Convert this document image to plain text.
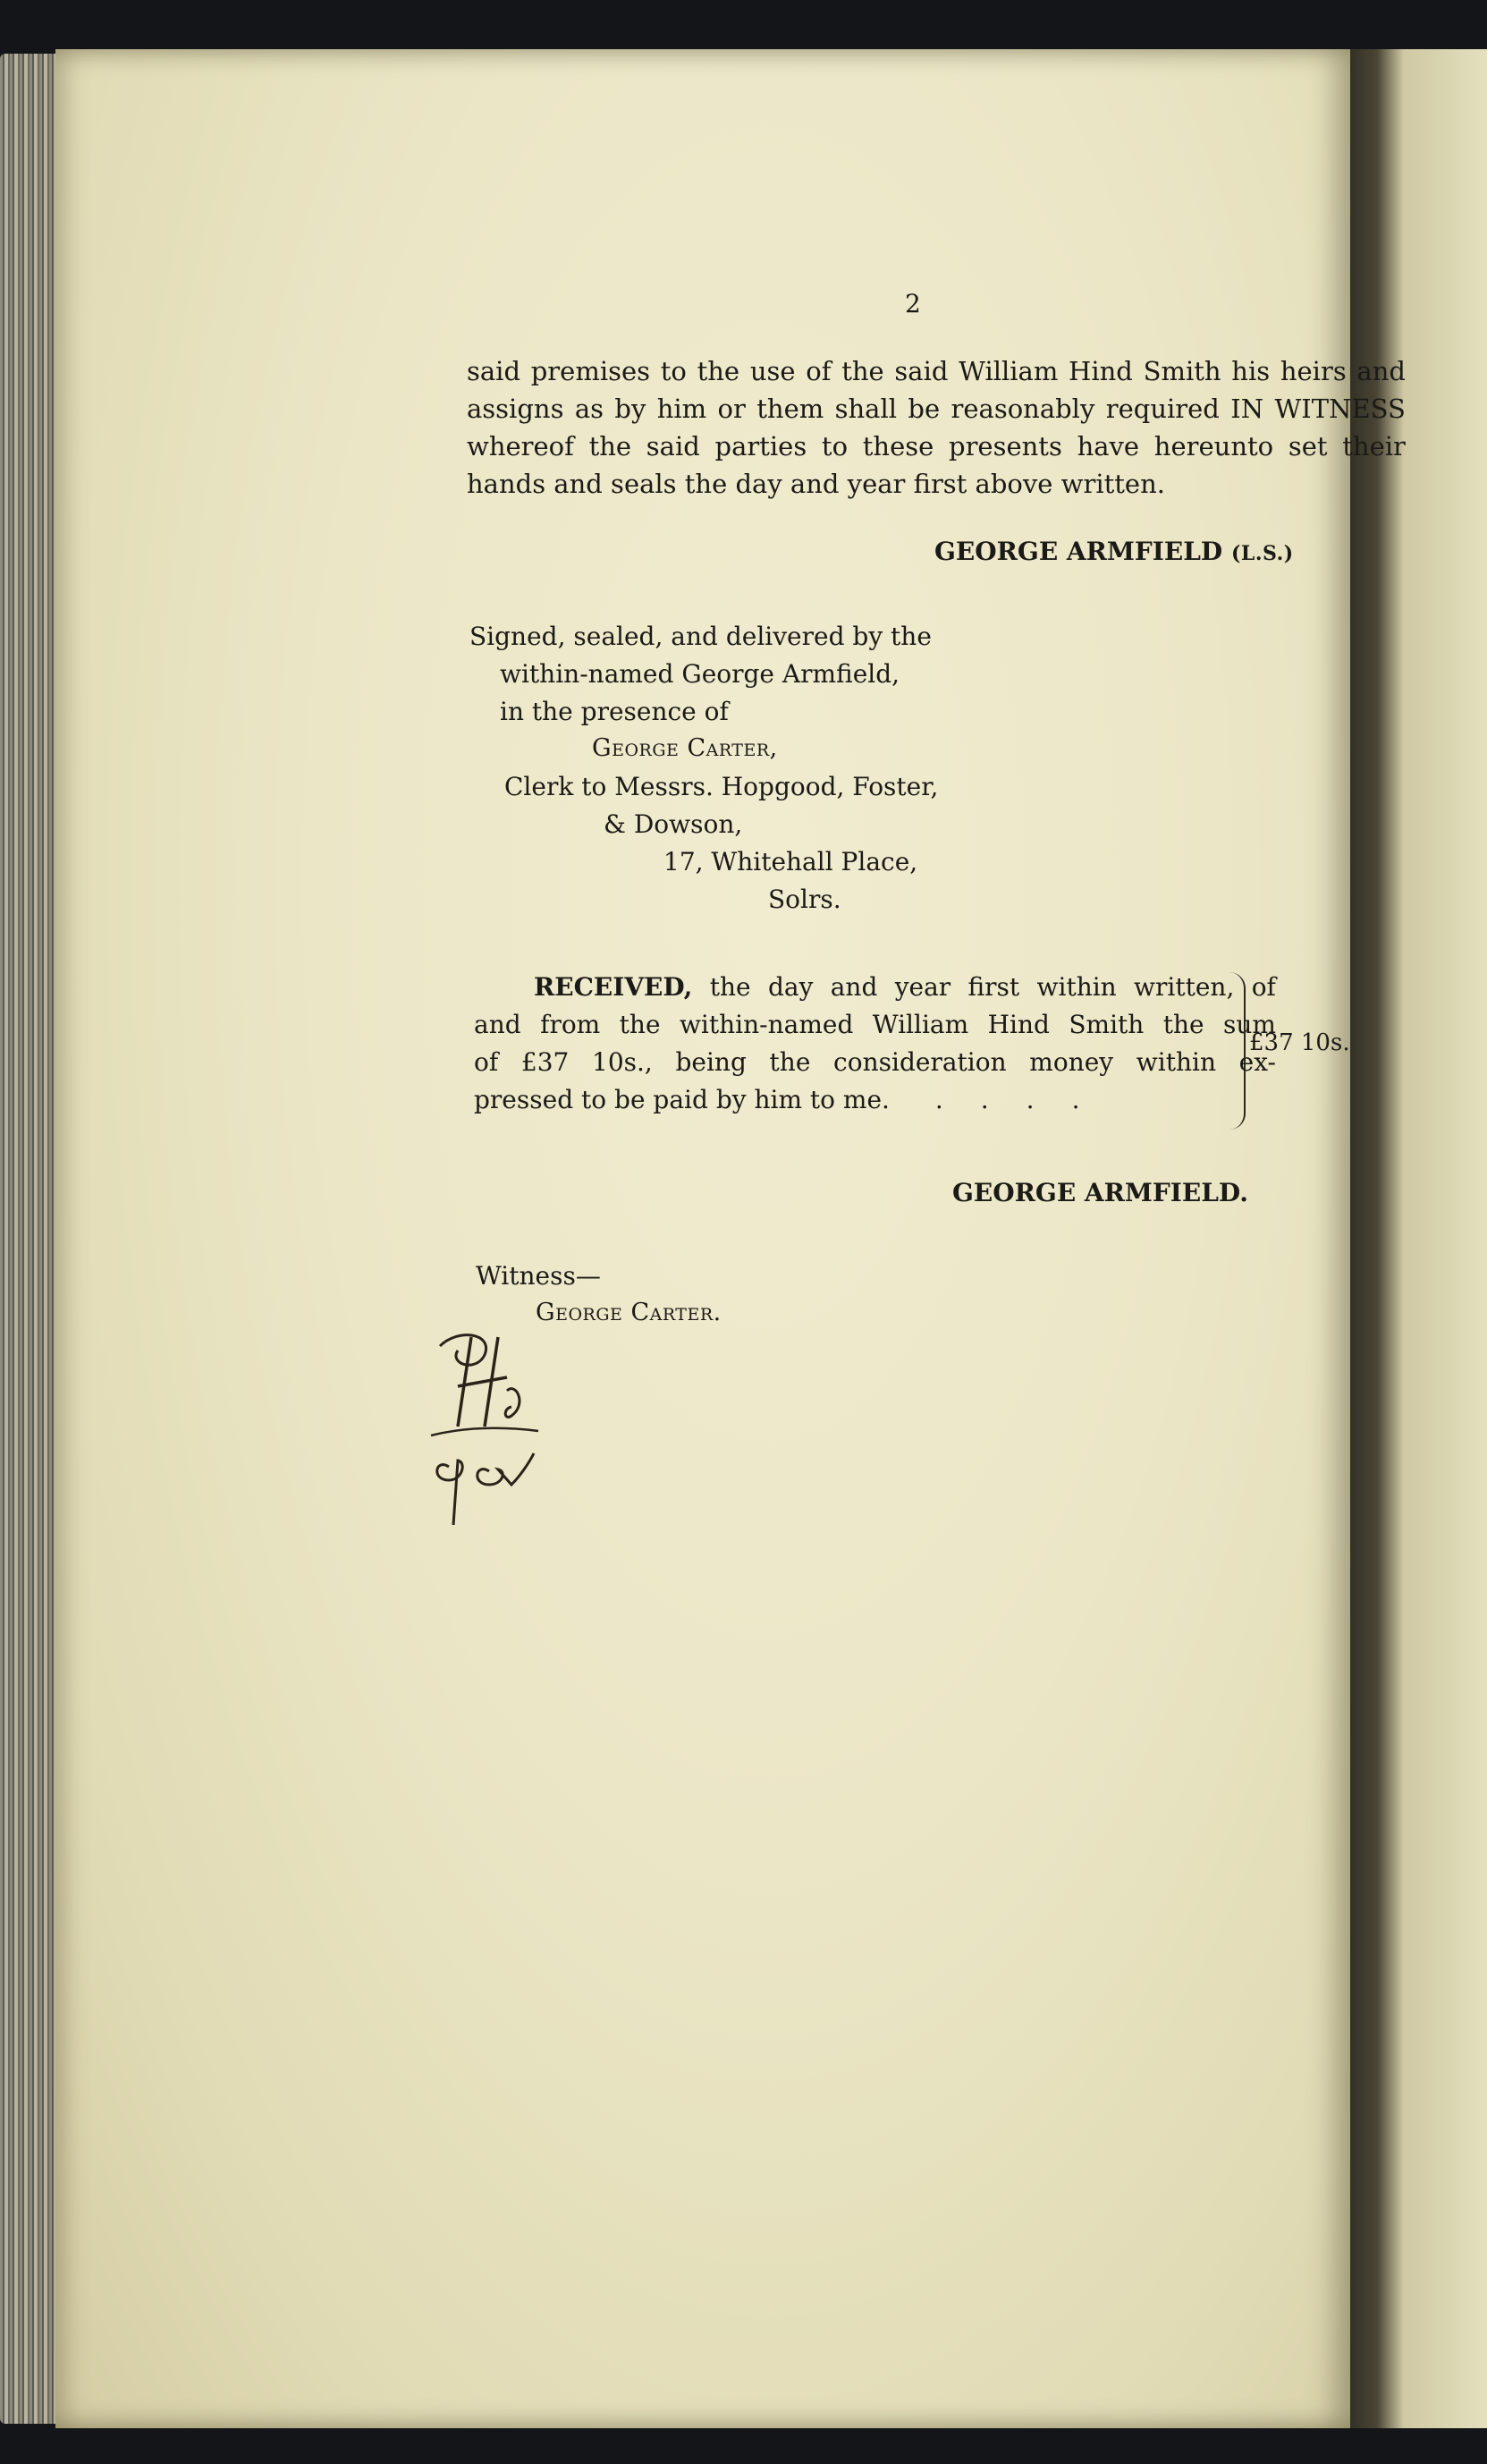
2
said premises to the use of the said William Hind Smith his heirs and
assigns as by him or them shall be reasonably required IN WITNESS
whereof the said parties to these presents have hereunto set their
hands and seals the day and year first above written.
GEORGE ARMFIELD (L.S.)
Signed, sealed, and delivered by the
within-named George Armfield,
in the presence of
George Carter,
Clerk to Messrs. Hopgood, Foster,
& Dowson,
17, Whitehall Place,
Solrs.
RECEIVED, the day and year first within written, of
and from the within-named William Hind Smith the sum
of £37 10s., being the consideration money within ex-
pressed to be paid by him to me. . . . .
£37 10s.
GEORGE ARMFIELD.
Witness—
George Carter.
